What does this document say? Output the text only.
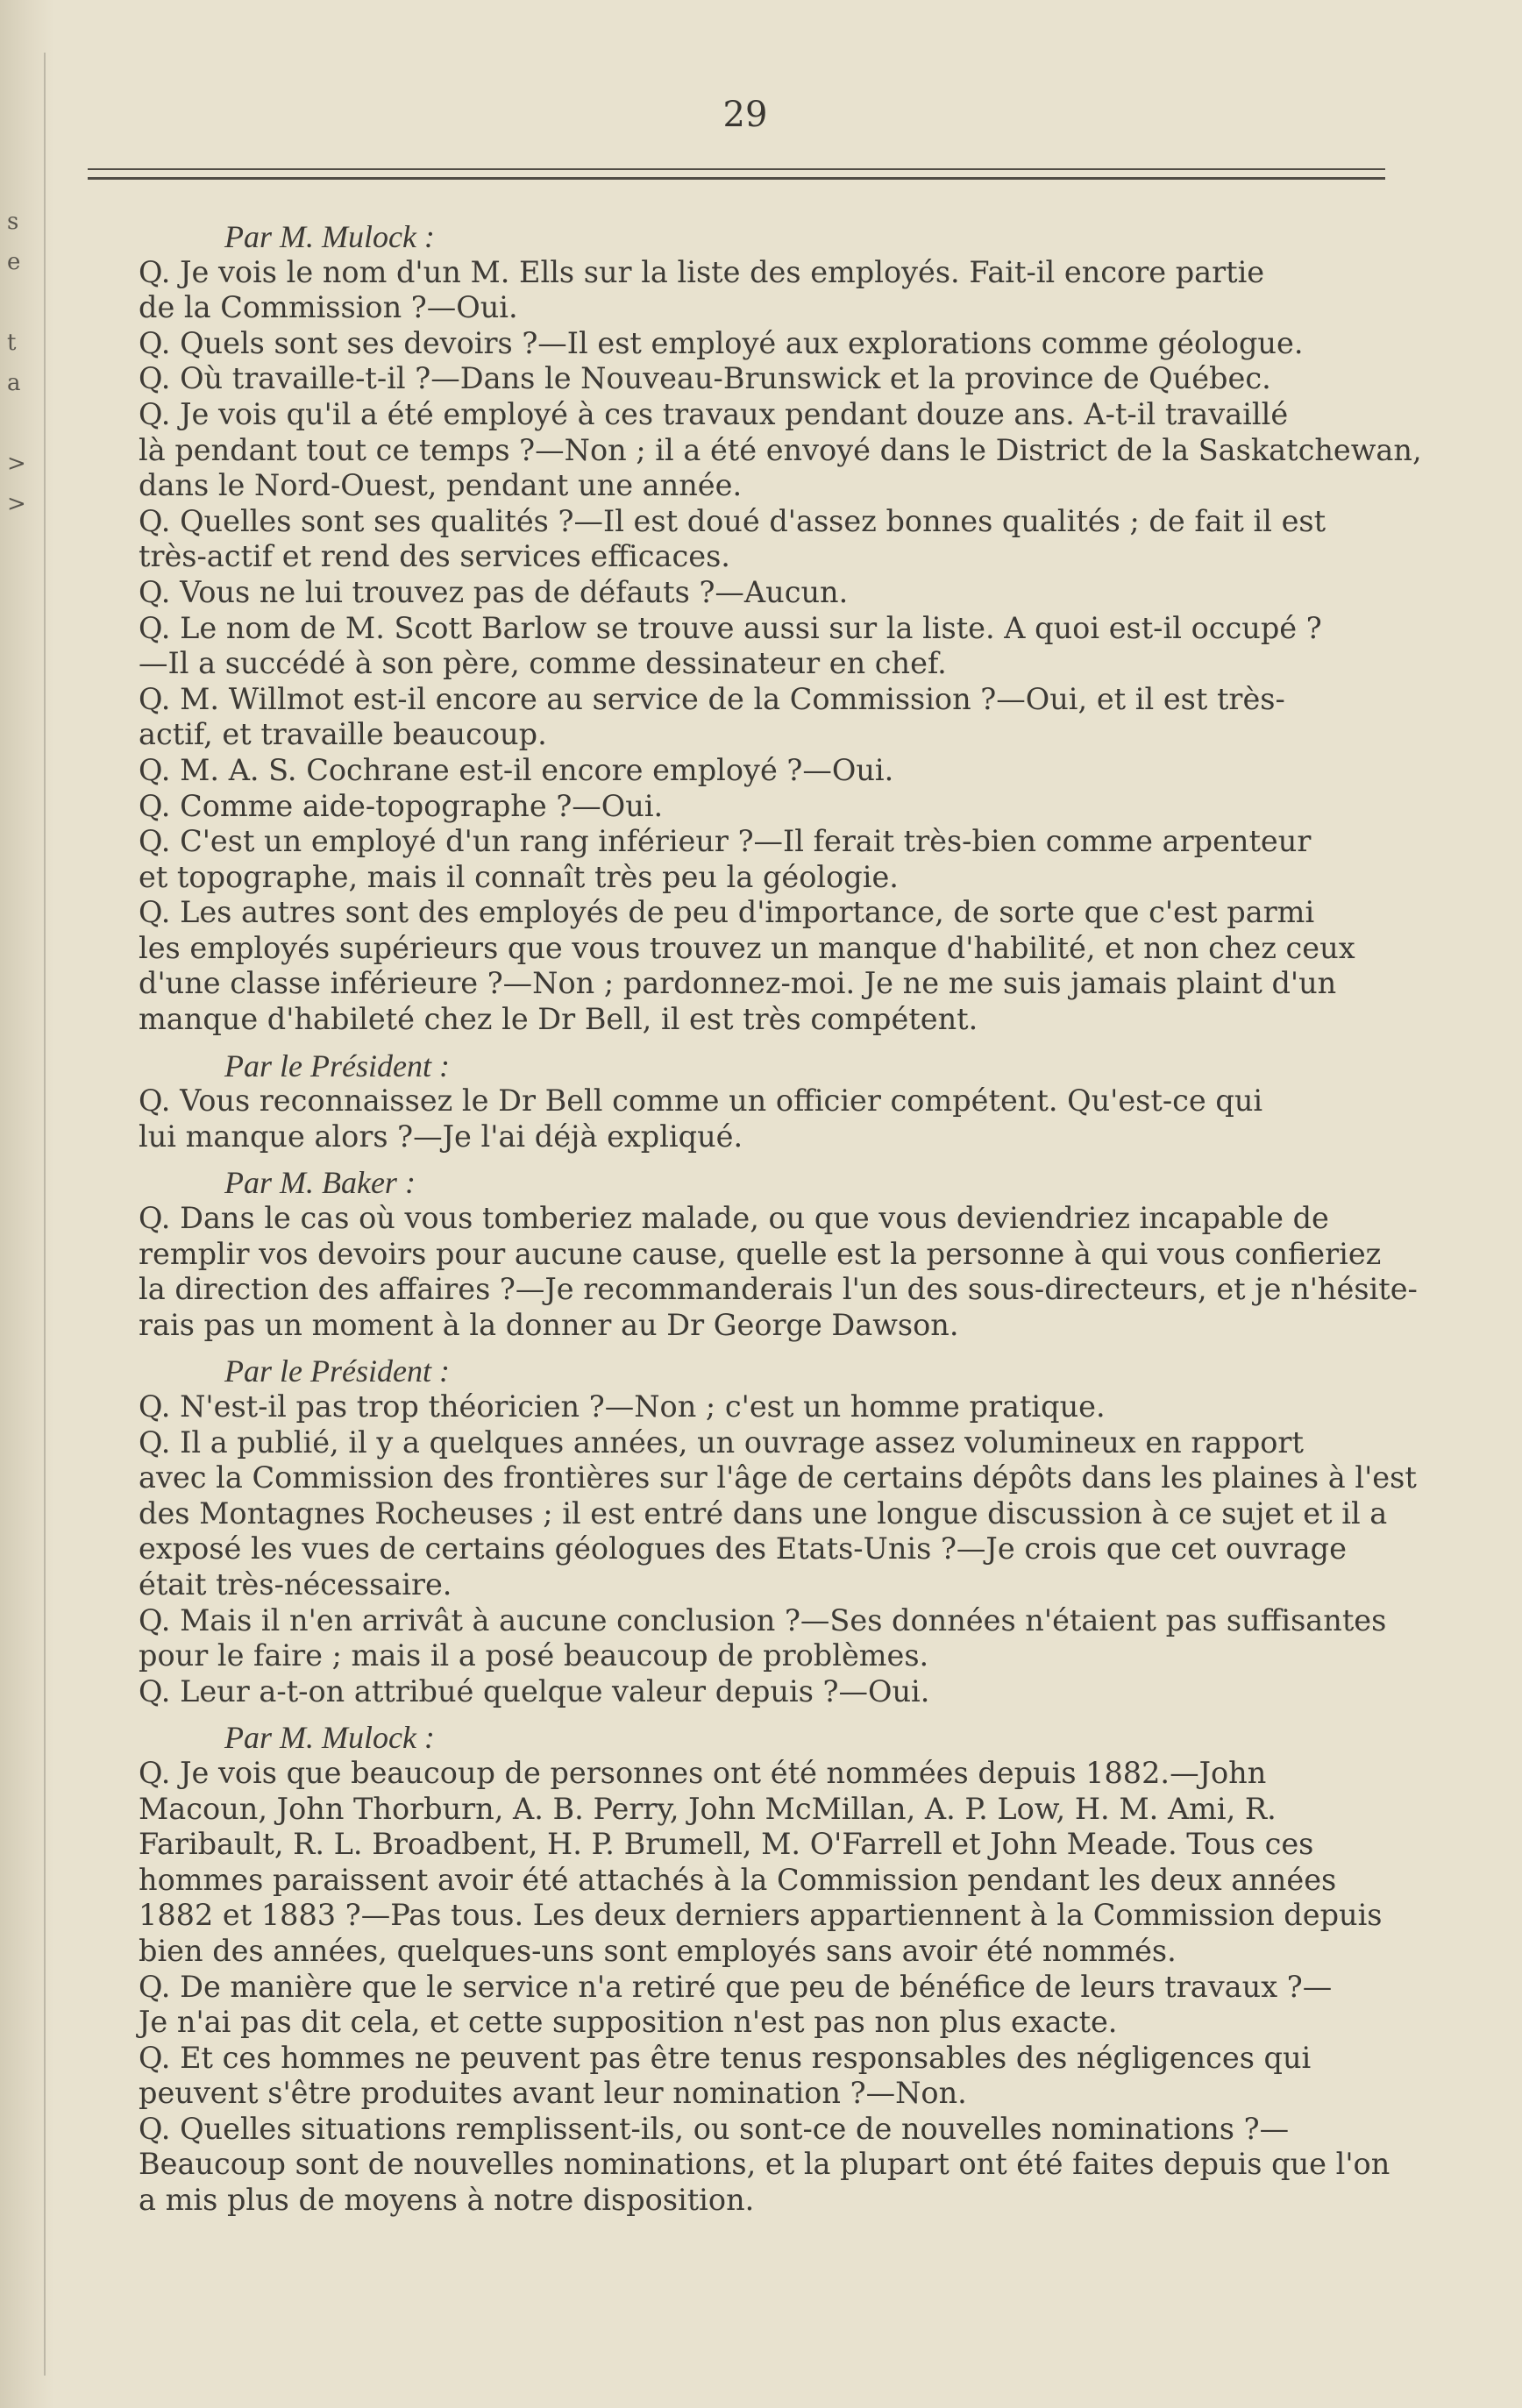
s
e
t
a
>
>
29
Par M. Mulock :
Q. Je vois le nom d'un M. Ells sur la liste des employés. Fait-il encore partie
de la Commission ?—Oui.
Q. Quels sont ses devoirs ?—Il est employé aux explorations comme géologue.
Q. Où travaille-t-il ?—Dans le Nouveau-Brunswick et la province de Québec.
Q. Je vois qu'il a été employé à ces travaux pendant douze ans. A-t-il travaillé
là pendant tout ce temps ?—Non ; il a été envoyé dans le District de la Saskatchewan,
dans le Nord-Ouest, pendant une année.
Q. Quelles sont ses qualités ?—Il est doué d'assez bonnes qualités ; de fait il est
très-actif et rend des services efficaces.
Q. Vous ne lui trouvez pas de défauts ?—Aucun.
Q. Le nom de M. Scott Barlow se trouve aussi sur la liste. A quoi est-il occupé ?
—Il a succédé à son père, comme dessinateur en chef.
Q. M. Willmot est-il encore au service de la Commission ?—Oui, et il est très-
actif, et travaille beaucoup.
Q. M. A. S. Cochrane est-il encore employé ?—Oui.
Q. Comme aide-topographe ?—Oui.
Q. C'est un employé d'un rang inférieur ?—Il ferait très-bien comme arpenteur
et topographe, mais il connaît très peu la géologie.
Q. Les autres sont des employés de peu d'importance, de sorte que c'est parmi
les employés supérieurs que vous trouvez un manque d'habilité, et non chez ceux
d'une classe inférieure ?—Non ; pardonnez-moi. Je ne me suis jamais plaint d'un
manque d'habileté chez le Dr Bell, il est très compétent.
Par le Président :
Q. Vous reconnaissez le Dr Bell comme un officier compétent. Qu'est-ce qui
lui manque alors ?—Je l'ai déjà expliqué.
Par M. Baker :
Q. Dans le cas où vous tomberiez malade, ou que vous deviendriez incapable de
remplir vos devoirs pour aucune cause, quelle est la personne à qui vous confieriez
la direction des affaires ?—Je recommanderais l'un des sous-directeurs, et je n'hésite-
rais pas un moment à la donner au Dr George Dawson.
Par le Président :
Q. N'est-il pas trop théoricien ?—Non ; c'est un homme pratique.
Q. Il a publié, il y a quelques années, un ouvrage assez volumineux en rapport
avec la Commission des frontières sur l'âge de certains dépôts dans les plaines à l'est
des Montagnes Rocheuses ; il est entré dans une longue discussion à ce sujet et il a
exposé les vues de certains géologues des Etats-Unis ?—Je crois que cet ouvrage
était très-nécessaire.
Q. Mais il n'en arrivât à aucune conclusion ?—Ses données n'étaient pas suffisantes
pour le faire ; mais il a posé beaucoup de problèmes.
Q. Leur a-t-on attribué quelque valeur depuis ?—Oui.
Par M. Mulock :
Q. Je vois que beaucoup de personnes ont été nommées depuis 1882.—John
Macoun, John Thorburn, A. B. Perry, John McMillan, A. P. Low, H. M. Ami, R.
Faribault, R. L. Broadbent, H. P. Brumell, M. O'Farrell et John Meade. Tous ces
hommes paraissent avoir été attachés à la Commission pendant les deux années
1882 et 1883 ?—Pas tous. Les deux derniers appartiennent à la Commission depuis
bien des années, quelques-uns sont employés sans avoir été nommés.
Q. De manière que le service n'a retiré que peu de bénéfice de leurs travaux ?—
Je n'ai pas dit cela, et cette supposition n'est pas non plus exacte.
Q. Et ces hommes ne peuvent pas être tenus responsables des négligences qui
peuvent s'être produites avant leur nomination ?—Non.
Q. Quelles situations remplissent-ils, ou sont-ce de nouvelles nominations ?—
Beaucoup sont de nouvelles nominations, et la plupart ont été faites depuis que l'on
a mis plus de moyens à notre disposition.
